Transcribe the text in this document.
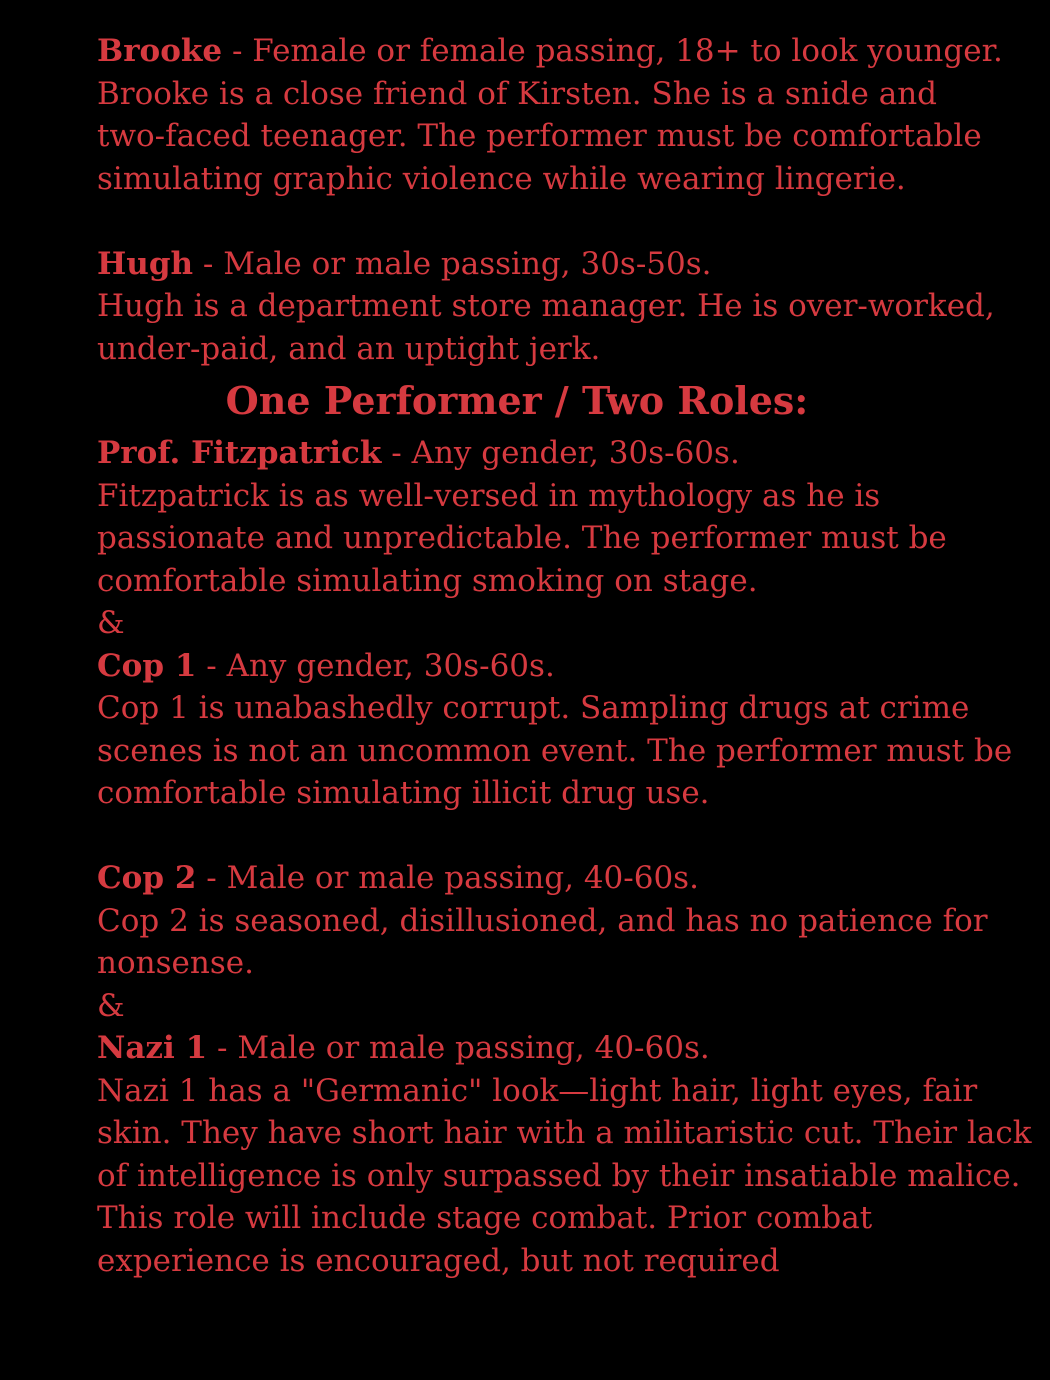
Brooke - Female or female passing, 18+ to look younger.
Brooke is a close friend of Kirsten. She is a snide and
two-faced teenager. The performer must be comfortable
simulating graphic violence while wearing lingerie.
Hugh - Male or male passing, 30s-50s.
Hugh is a department store manager. He is over-worked,
under-paid, and an uptight jerk.
One Performer / Two Roles:
Prof. Fitzpatrick - Any gender, 30s-60s.
Fitzpatrick is as well-versed in mythology as he is
passionate and unpredictable. The performer must be
comfortable simulating smoking on stage.
&
Cop 1 - Any gender, 30s-60s.
Cop 1 is unabashedly corrupt. Sampling drugs at crime
scenes is not an uncommon event. The performer must be
comfortable simulating illicit drug use.
Cop 2 - Male or male passing, 40-60s.
Cop 2 is seasoned, disillusioned, and has no patience for
nonsense.
&
Nazi 1 - Male or male passing, 40-60s.
Nazi 1 has a "Germanic" look—light hair, light eyes, fair
skin. They have short hair with a militaristic cut. Their lack
of intelligence is only surpassed by their insatiable malice.
This role will include stage combat. Prior combat
experience is encouraged, but not required
